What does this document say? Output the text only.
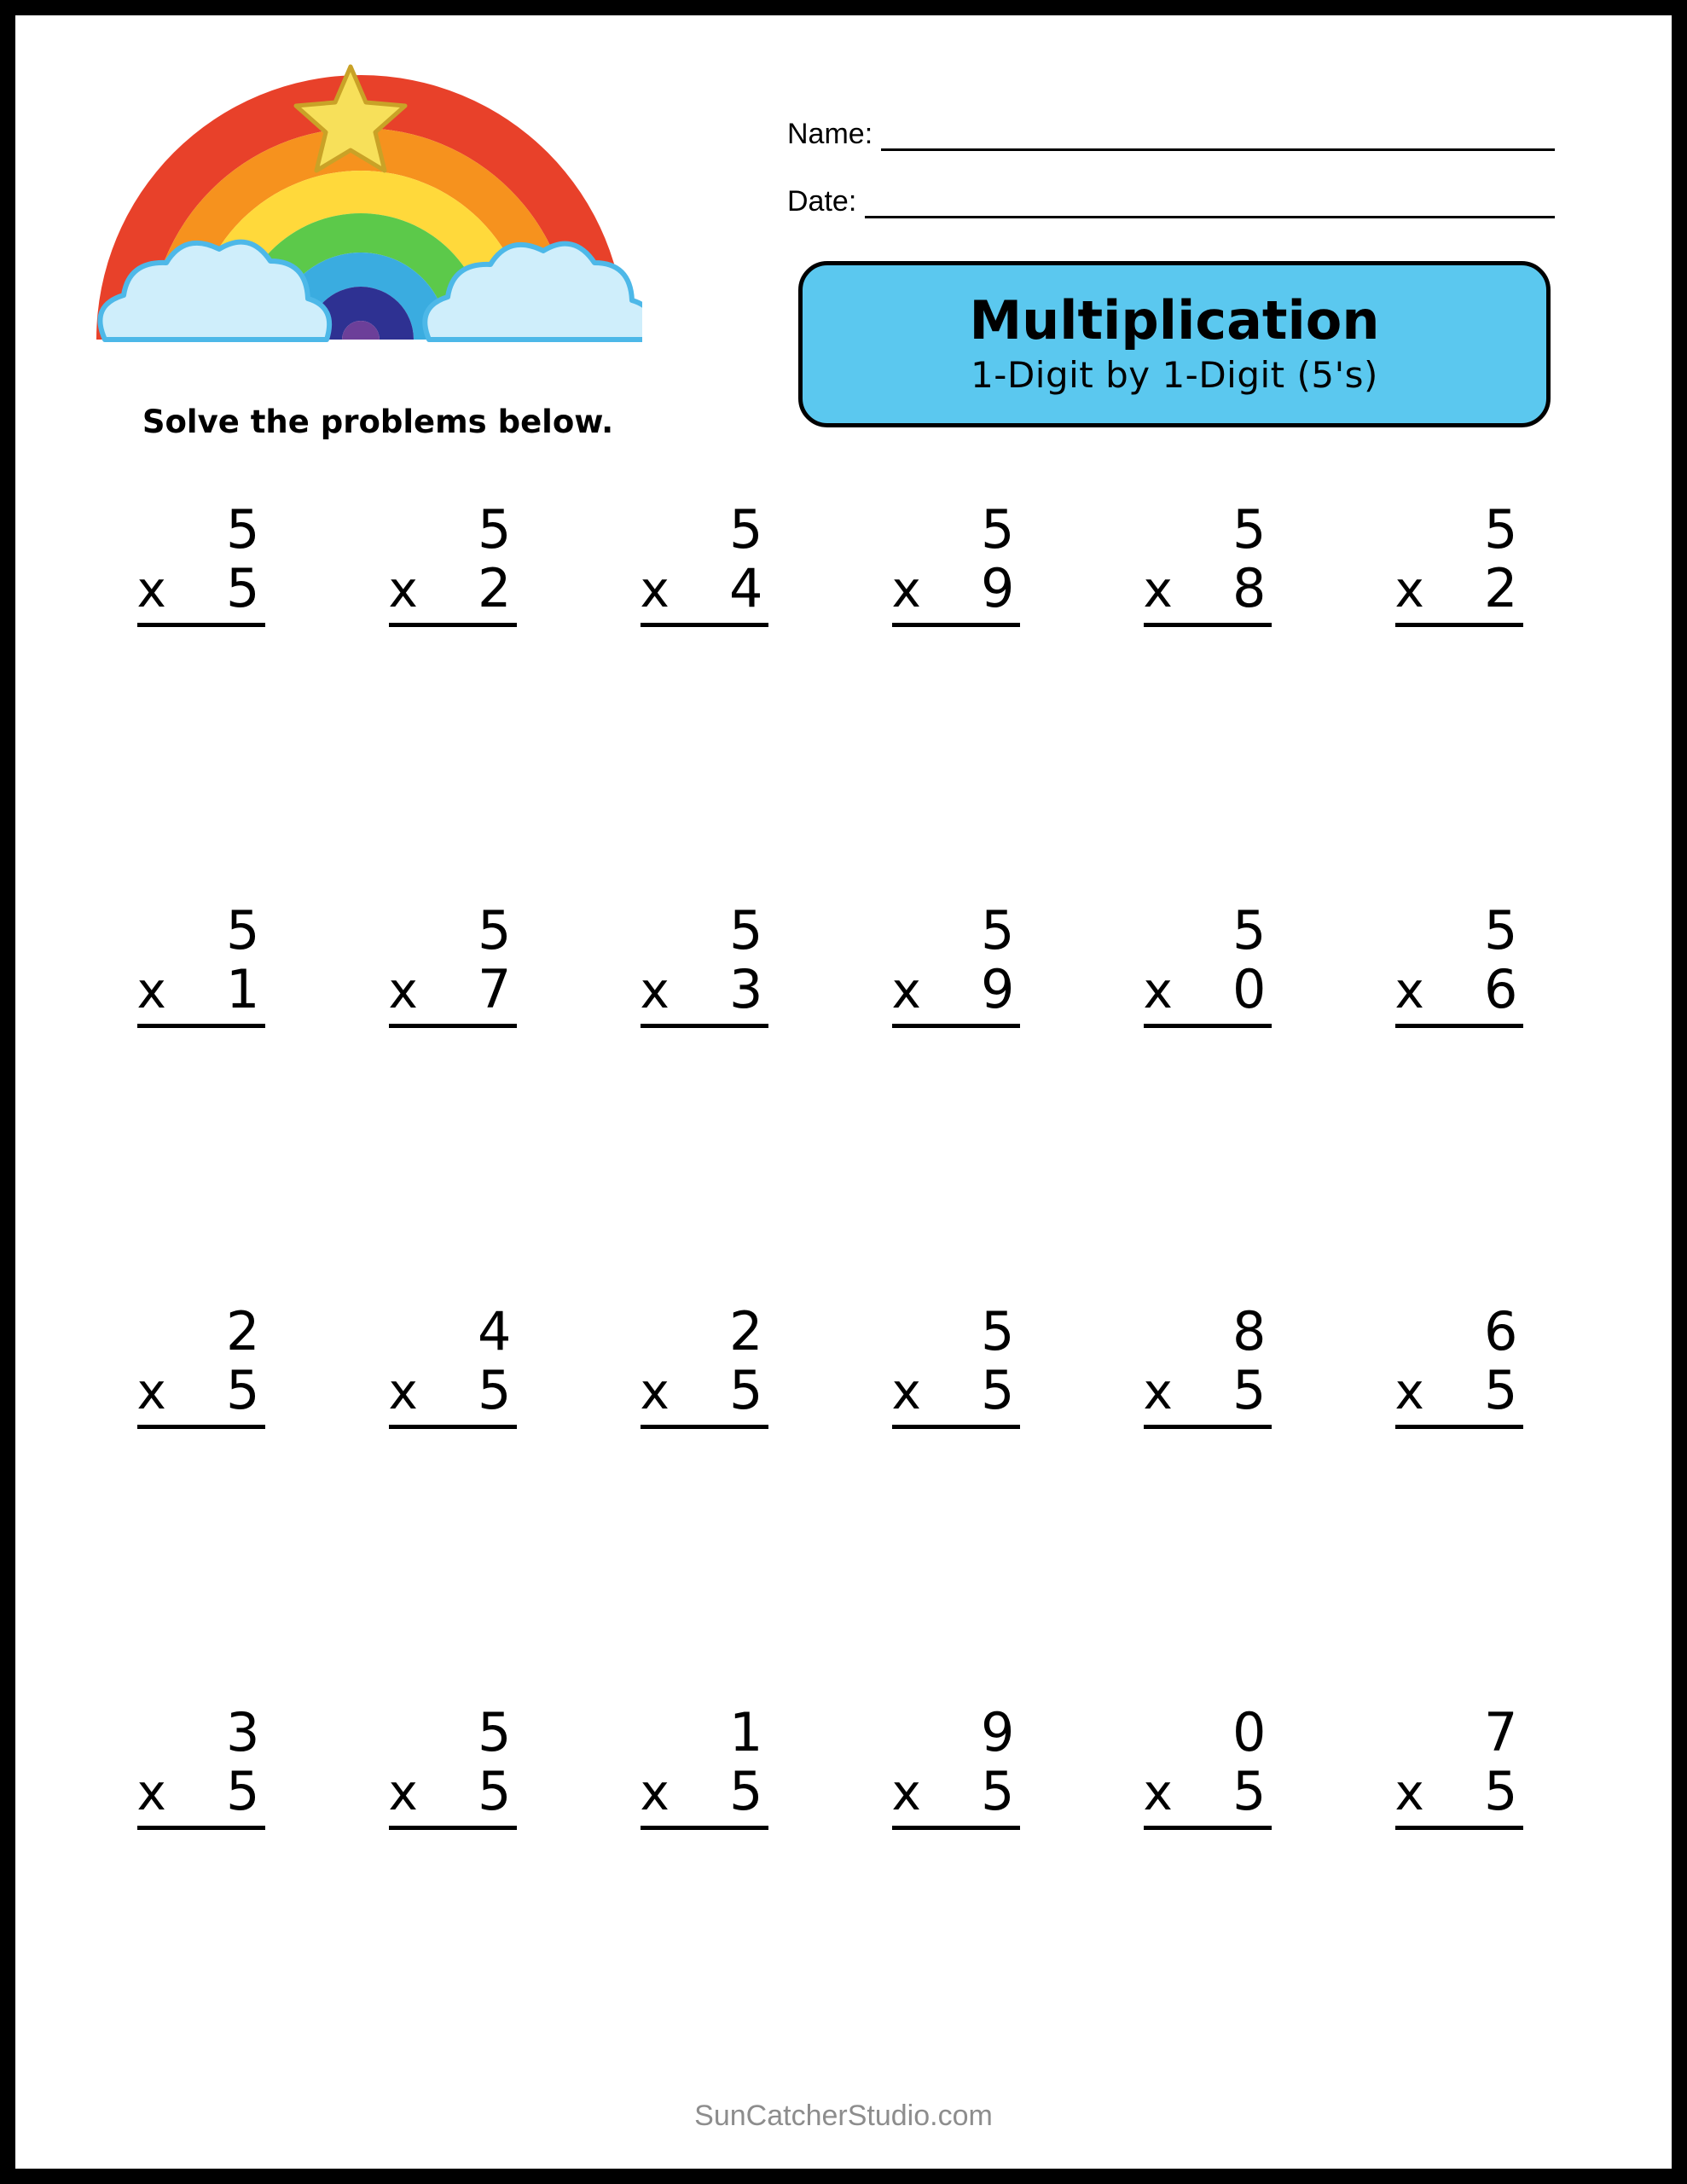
Solve the problems below.
Name:
Date:
Multiplication
1-Digit by 1-Digit (5's)
5
x 5
5
x 2
5
x 4
5
x 9
5
x 8
5
x 2
5
x 1
5
x 7
5
x 3
5
x 9
5
x 0
5
x 6
2
x 5
4
x 5
2
x 5
5
x 5
8
x 5
6
x 5
3
x 5
5
x 5
1
x 5
9
x 5
0
x 5
7
x 5
SunCatcherStudio.com
